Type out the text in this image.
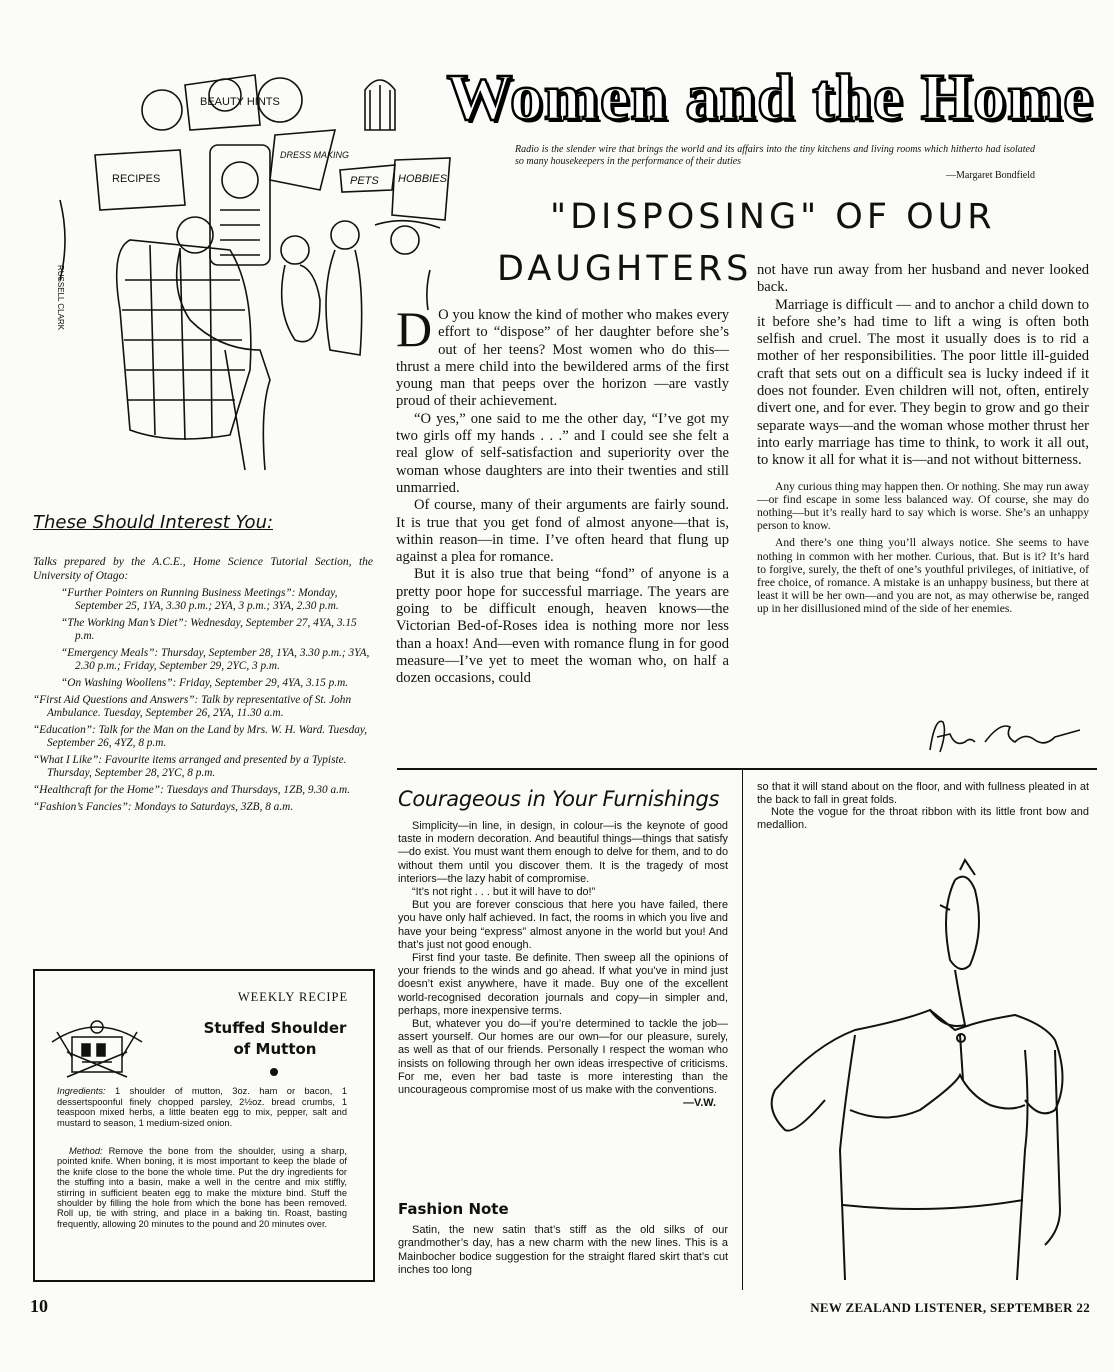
BEAUTY HINTS
RECIPES
DRESS MAKING
PETS HOBBIES
RUSSELL CLARK
Women and the Home
Radio is the slender wire that brings the world and its affairs into the tiny kitchens and living rooms which hitherto had isolated so many housekeepers in the performance of their duties
—Margaret Bondfield
"DISPOSING" OF OUR
DAUGHTERS

D O you know the kind of mother who makes every effort to “dispose” of her daughter before she’s out of her teens? Most women who do this—thrust a mere child into the bewildered arms of the first young man that peeps over the horizon —are vastly proud of their achievement.

“O yes,” one said to me the other day, “I’ve got my two girls off my hands . . .” and I could see she felt a real glow of self-satisfaction and superiority over the woman whose daughters are into their twenties and still unmarried.

Of course, many of their arguments are fairly sound. It is true that you get fond of almost anyone—that is, within reason—in time. I’ve often heard that flung up against a plea for romance.

But it is also true that being “fond” of anyone is a pretty poor hope for successful marriage. The years are going to be difficult enough, heaven knows—the Victorian Bed-of-Roses idea is nothing more nor less than a hoax! And—even with romance flung in for good measure—I’ve yet to meet the woman who, on half a dozen occasions, could

not have run away from her husband and never looked back.

Marriage is difficult — and to anchor a child down to it before she’s had time to lift a wing is often both selfish and cruel. The most it usually does is to rid a mother of her responsibilities. The poor little ill-guided craft that sets out on a difficult sea is lucky indeed if it does not founder. Even children will not, often, entirely divert one, and for ever. They begin to grow and go their separate ways—and the woman whose mother thrust her into early marriage has time to think, to work it all out, to know it all for what it is—and not without bitterness.

Any curious thing may happen then. Or nothing. She may run away—or find escape in some less balanced way. Of course, she may do nothing—but it’s really hard to say which is worse. She’s an unhappy person to know.

And there’s one thing you’ll always notice. She seems to have nothing in common with her mother. Curious, that. But is it? It’s hard to forgive, surely, the theft of one’s youthful privileges, of initiative, of free choice, of romance. A mistake is an unhappy business, but there at least it will be her own—and you are not, as may otherwise be, ranged up in her disillusioned mind of the side of her enemies.

These Should Interest You:
Talks prepared by the A.C.E., Home Science Tutorial Section, the University of Otago:
“Further Pointers on Running Business Meetings”: Monday, September 25, 1YA, 3.30 p.m.; 2YA, 3 p.m.; 3YA, 2.30 p.m.
“The Working Man’s Diet”: Wednesday, September 27, 4YA, 3.15 p.m.
“Emergency Meals”: Thursday, September 28, 1YA, 3.30 p.m.; 3YA, 2.30 p.m.; Friday, September 29, 2YC, 3 p.m.
“On Washing Woollens”: Friday, September 29, 4YA, 3.15 p.m.
“First Aid Questions and Answers”: Talk by representative of St. John Ambulance. Tuesday, September 26, 2YA, 11.30 a.m.
“Education”: Talk for the Man on the Land by Mrs. W. H. Ward. Tuesday, September 26, 4YZ, 8 p.m.
“What I Like”: Favourite items arranged and presented by a Typiste. Thursday, September 28, 2YC, 8 p.m.
“Healthcraft for the Home”: Tuesdays and Thursdays, 1ZB, 9.30 a.m.
“Fashion’s Fancies”: Mondays to Saturdays, 3ZB, 8 a.m.
WEEKLY RECIPE
Stuffed Shoulder of Mutton
Ingredients: 1 shoulder of mutton, 3oz. ham or bacon, 1 dessertspoonful finely chopped parsley, 2½oz. bread crumbs, 1 teaspoon mixed herbs, a little beaten egg to mix, pepper, salt and mustard to season, 1 medium-sized onion.
Method: Remove the bone from the shoulder, using a sharp, pointed knife. When boning, it is most important to keep the blade of the knife close to the bone the whole time. Put the dry ingredients for the stuffing into a basin, make a well in the centre and mix stiffly, stirring in sufficient beaten egg to make the mixture bind. Stuff the shoulder by filling the hole from which the bone has been removed. Roll up, tie with string, and place in a baking tin. Roast, basting frequently, allowing 20 minutes to the pound and 20 minutes over.
Courageous in Your Furnishings

Simplicity—in line, in design, in colour—is the keynote of good taste in modern decoration. And beautiful things—things that satisfy—do exist. You must want them enough to delve for them, and to do without them until you discover them. It is the tragedy of most interiors—the lazy habit of compromise.

“It’s not right . . . but it will have to do!”

But you are forever conscious that here you have failed, there you have only half achieved. In fact, the rooms in which you live and have your being “express” almost anyone in the world but you! And that’s just not good enough.

First find your taste. Be definite. Then sweep all the opinions of your friends to the winds and go ahead. If what you’ve in mind just doesn’t exist anywhere, have it made. Buy one of the excellent world-recognised decoration journals and copy—in simpler and, perhaps, more inexpensive terms.

But, whatever you do—if you’re determined to tackle the job—assert yourself. Our homes are our own—for our pleasure, surely, as well as that of our friends. Personally I respect the woman who insists on following through her own ideas irrespective of criticisms. For me, even her bad taste is more interesting than the uncourageous compromise most of us make with the conventions.

—V.W.

Fashion Note
Satin, the new satin that’s stiff as the old silks of our grandmother’s day, has a new charm with the new lines. This is a Mainbocher bodice suggestion for the straight flared skirt that’s cut inches too long

so that it will stand about on the floor, and with fullness pleated in at the back to fall in great folds.

Note the vogue for the throat ribbon with its little front bow and medallion.

10	NEW ZEALAND LISTENER, SEPTEMBER 22
